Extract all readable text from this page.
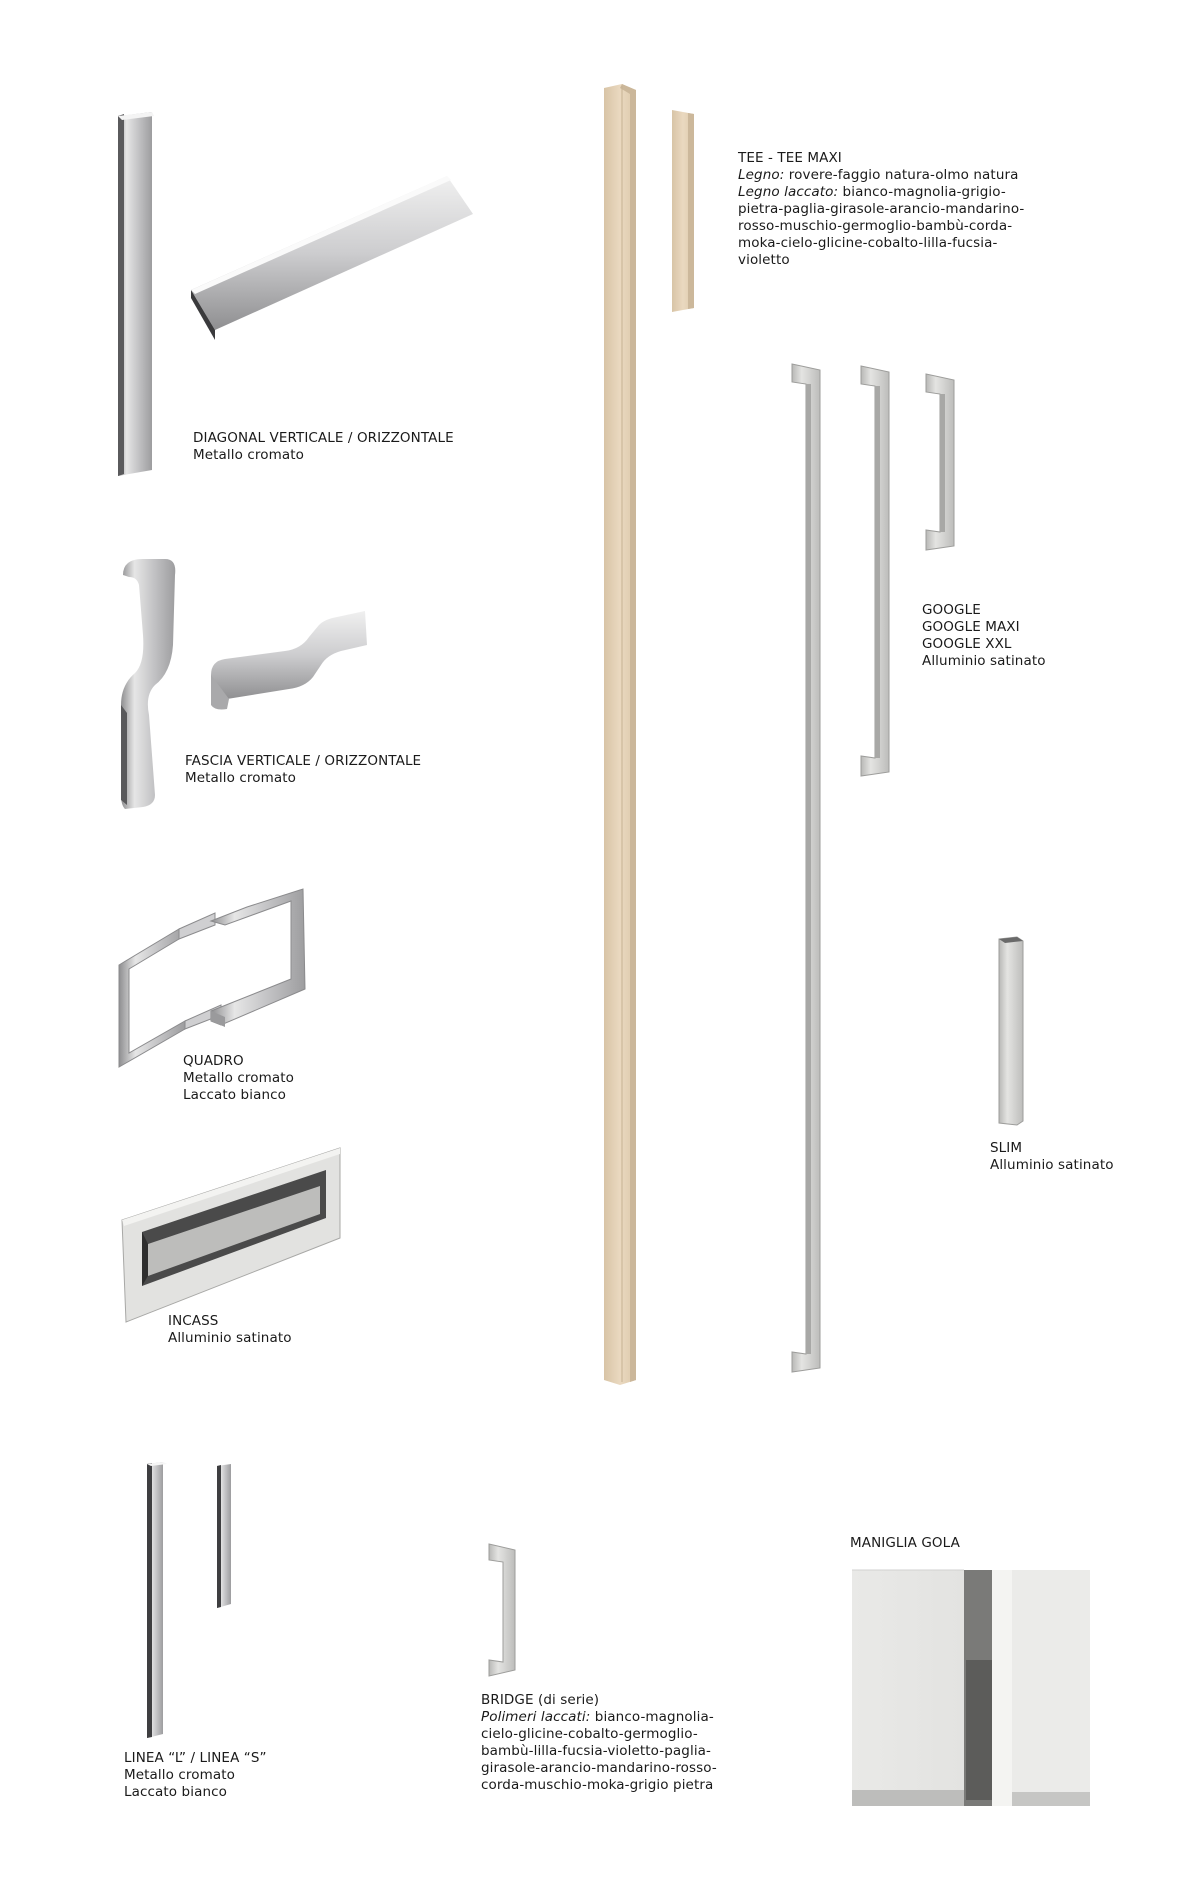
DIAGONAL VERTICALE / ORIZZONTALE
Metallo cromato
FASCIA VERTICALE / ORIZZONTALE
Metallo cromato
QUADRO
Metallo cromato
Laccato bianco
INCASS
Alluminio satinato
TEE - TEE MAXI
Legno: rovere-faggio natura-olmo natura
Legno laccato: bianco-magnolia-grigio-
pietra-paglia-girasole-arancio-mandarino-
rosso-muschio-germoglio-bambù-corda-
moka-cielo-glicine-cobalto-lilla-fucsia-
violetto
GOOGLE
GOOGLE MAXI
GOOGLE XXL
Alluminio satinato
SLIM
Alluminio satinato
LINEA “L” / LINEA “S”
Metallo cromato
Laccato bianco
BRIDGE (di serie)
Polimeri laccati: bianco-magnolia-
cielo-glicine-cobalto-germoglio-
bambù-lilla-fucsia-violetto-paglia-
girasole-arancio-mandarino-rosso-
corda-muschio-moka-grigio pietra
MANIGLIA GOLA
